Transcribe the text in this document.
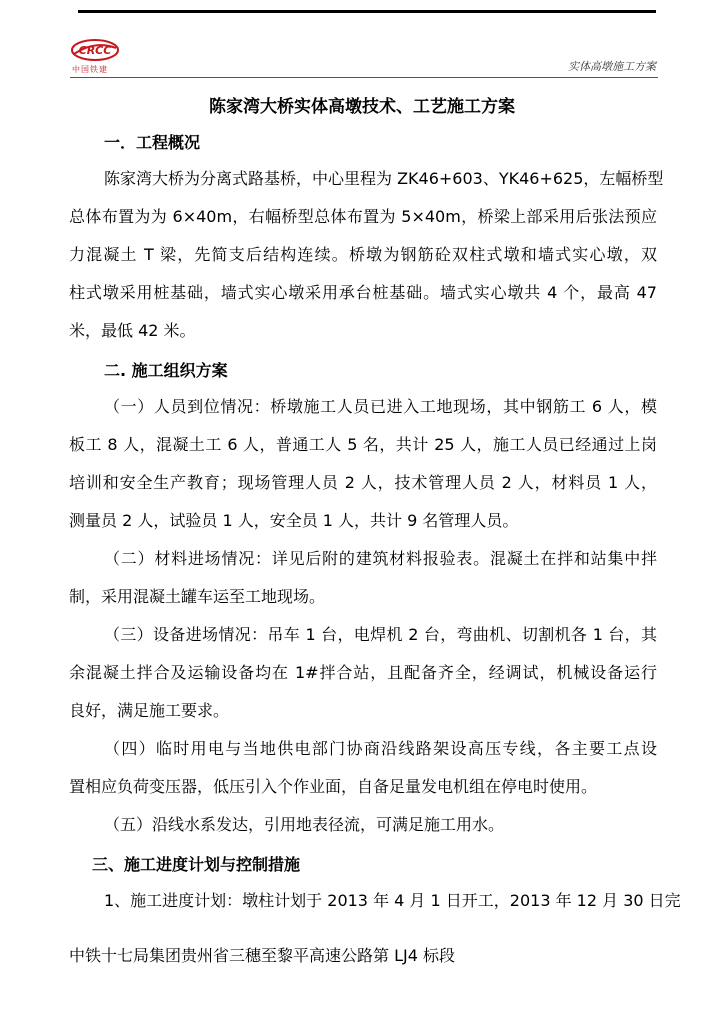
CRCC
中国铁建	实体高墩施工方案
陈家湾大桥实体高墩技术、工艺施工方案
一．工程概况
陈家湾大桥为分离式路基桥，中心里程为 ZK46+603、YK46+625，左幅桥型
总体布置为为 6×40m，右幅桥型总体布置为 5×40m，桥梁上部采用后张法预应
力混凝土 T 梁，先简支后结构连续。桥墩为钢筋砼双柱式墩和墙式实心墩，双
柱式墩采用桩基础，墙式实心墩采用承台桩基础。墙式实心墩共 4 个，最高 47
米，最低 42 米。
二. 施工组织方案
（一）人员到位情况：桥墩施工人员已进入工地现场，其中钢筋工 6 人，模
板工 8 人，混凝土工 6 人，普通工人 5 名，共计 25 人，施工人员已经通过上岗
培训和安全生产教育；现场管理人员 2 人，技术管理人员 2 人，材料员 1 人，
测量员 2 人，试验员 1 人，安全员 1 人，共计 9 名管理人员。
（二）材料进场情况：详见后附的建筑材料报验表。混凝土在拌和站集中拌
制，采用混凝土罐车运至工地现场。
（三）设备进场情况：吊车 1 台，电焊机 2 台，弯曲机、切割机各 1 台，其
余混凝土拌合及运输设备均在 1#拌合站，且配备齐全，经调试，机械设备运行
良好，满足施工要求。
（四）临时用电与当地供电部门协商沿线路架设高压专线，各主要工点设
置相应负荷变压器，低压引入个作业面，自备足量发电机组在停电时使用。
（五）沿线水系发达，引用地表径流，可满足施工用水。
三、施工进度计划与控制措施
1、施工进度计划：墩柱计划于 2013 年 4 月 1 日开工，2013 年 12 月 30 日完
中铁十七局集团贵州省三穗至黎平高速公路第 LJ4 标段
